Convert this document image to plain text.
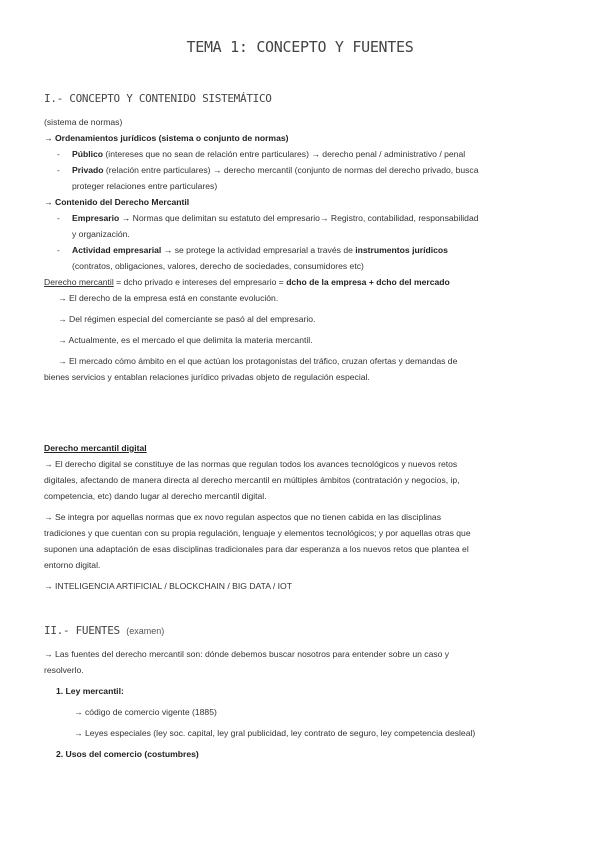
TEMA 1: CONCEPTO Y FUENTES
I.- CONCEPTO Y CONTENIDO SISTEMÁTICO

(sistema de normas)

→ Ordenamientos jurídicos (sistema o conjunto de normas)

- Público (intereses que no sean de relación entre particulares) → derecho penal / administrativo / penal
- Privado (relación entre particulares) → derecho mercantil (conjunto de normas del derecho privado, busca
proteger relaciones entre particulares)

→ Contenido del Derecho Mercantil

- Empresario → Normas que delimitan su estatuto del empresario→ Registro, contabilidad, responsabilidad
y organización.
- Actividad empresarial → se protege la actividad empresarial a través de instrumentos jurídicos
(contratos, obligaciones, valores, derecho de sociedades, consumidores etc)

Derecho mercantil = dcho privado e intereses del empresario = dcho de la empresa + dcho del mercado

→ El derecho de la empresa está en constante evolución.

→ Del régimen especial del comerciante se pasó al del empresario.

→ Actualmente, es el mercado el que delimita la materia mercantil.

→ El mercado cómo ámbito en el que actúan los protagonistas del tráfico, cruzan ofertas y demandas de

bienes servicios y entablan relaciones jurídico privadas objeto de regulación especial.

Derecho mercantil digital

→ El derecho digital se constituye de las normas que regulan todos los avances tecnológicos y nuevos retos

digitales, afectando de manera directa al derecho mercantil en múltiples ámbitos (contratación y negocios, ip,

competencia, etc) dando lugar al derecho mercantil digital.

→ Se integra por aquellas normas que ex novo regulan aspectos que no tienen cabida en las disciplinas

tradiciones y que cuentan con su propia regulación, lenguaje y elementos tecnológicos; y por aquellas otras que

suponen una adaptación de esas disciplinas tradicionales para dar esperanza a los nuevos retos que plantea el

entorno digital.

→ INTELIGENCIA ARTIFICIAL / BLOCKCHAIN / BIG DATA / IOT

II.- FUENTES (examen)

→ Las fuentes del derecho mercantil son: dónde debemos buscar nosotros para entender sobre un caso y

resolverlo.

1. Ley mercantil:

→ código de comercio vigente (1885)

→ Leyes especiales (ley soc. capital, ley gral publicidad, ley contrato de seguro, ley competencia desleal)

2. Usos del comercio (costumbres)
